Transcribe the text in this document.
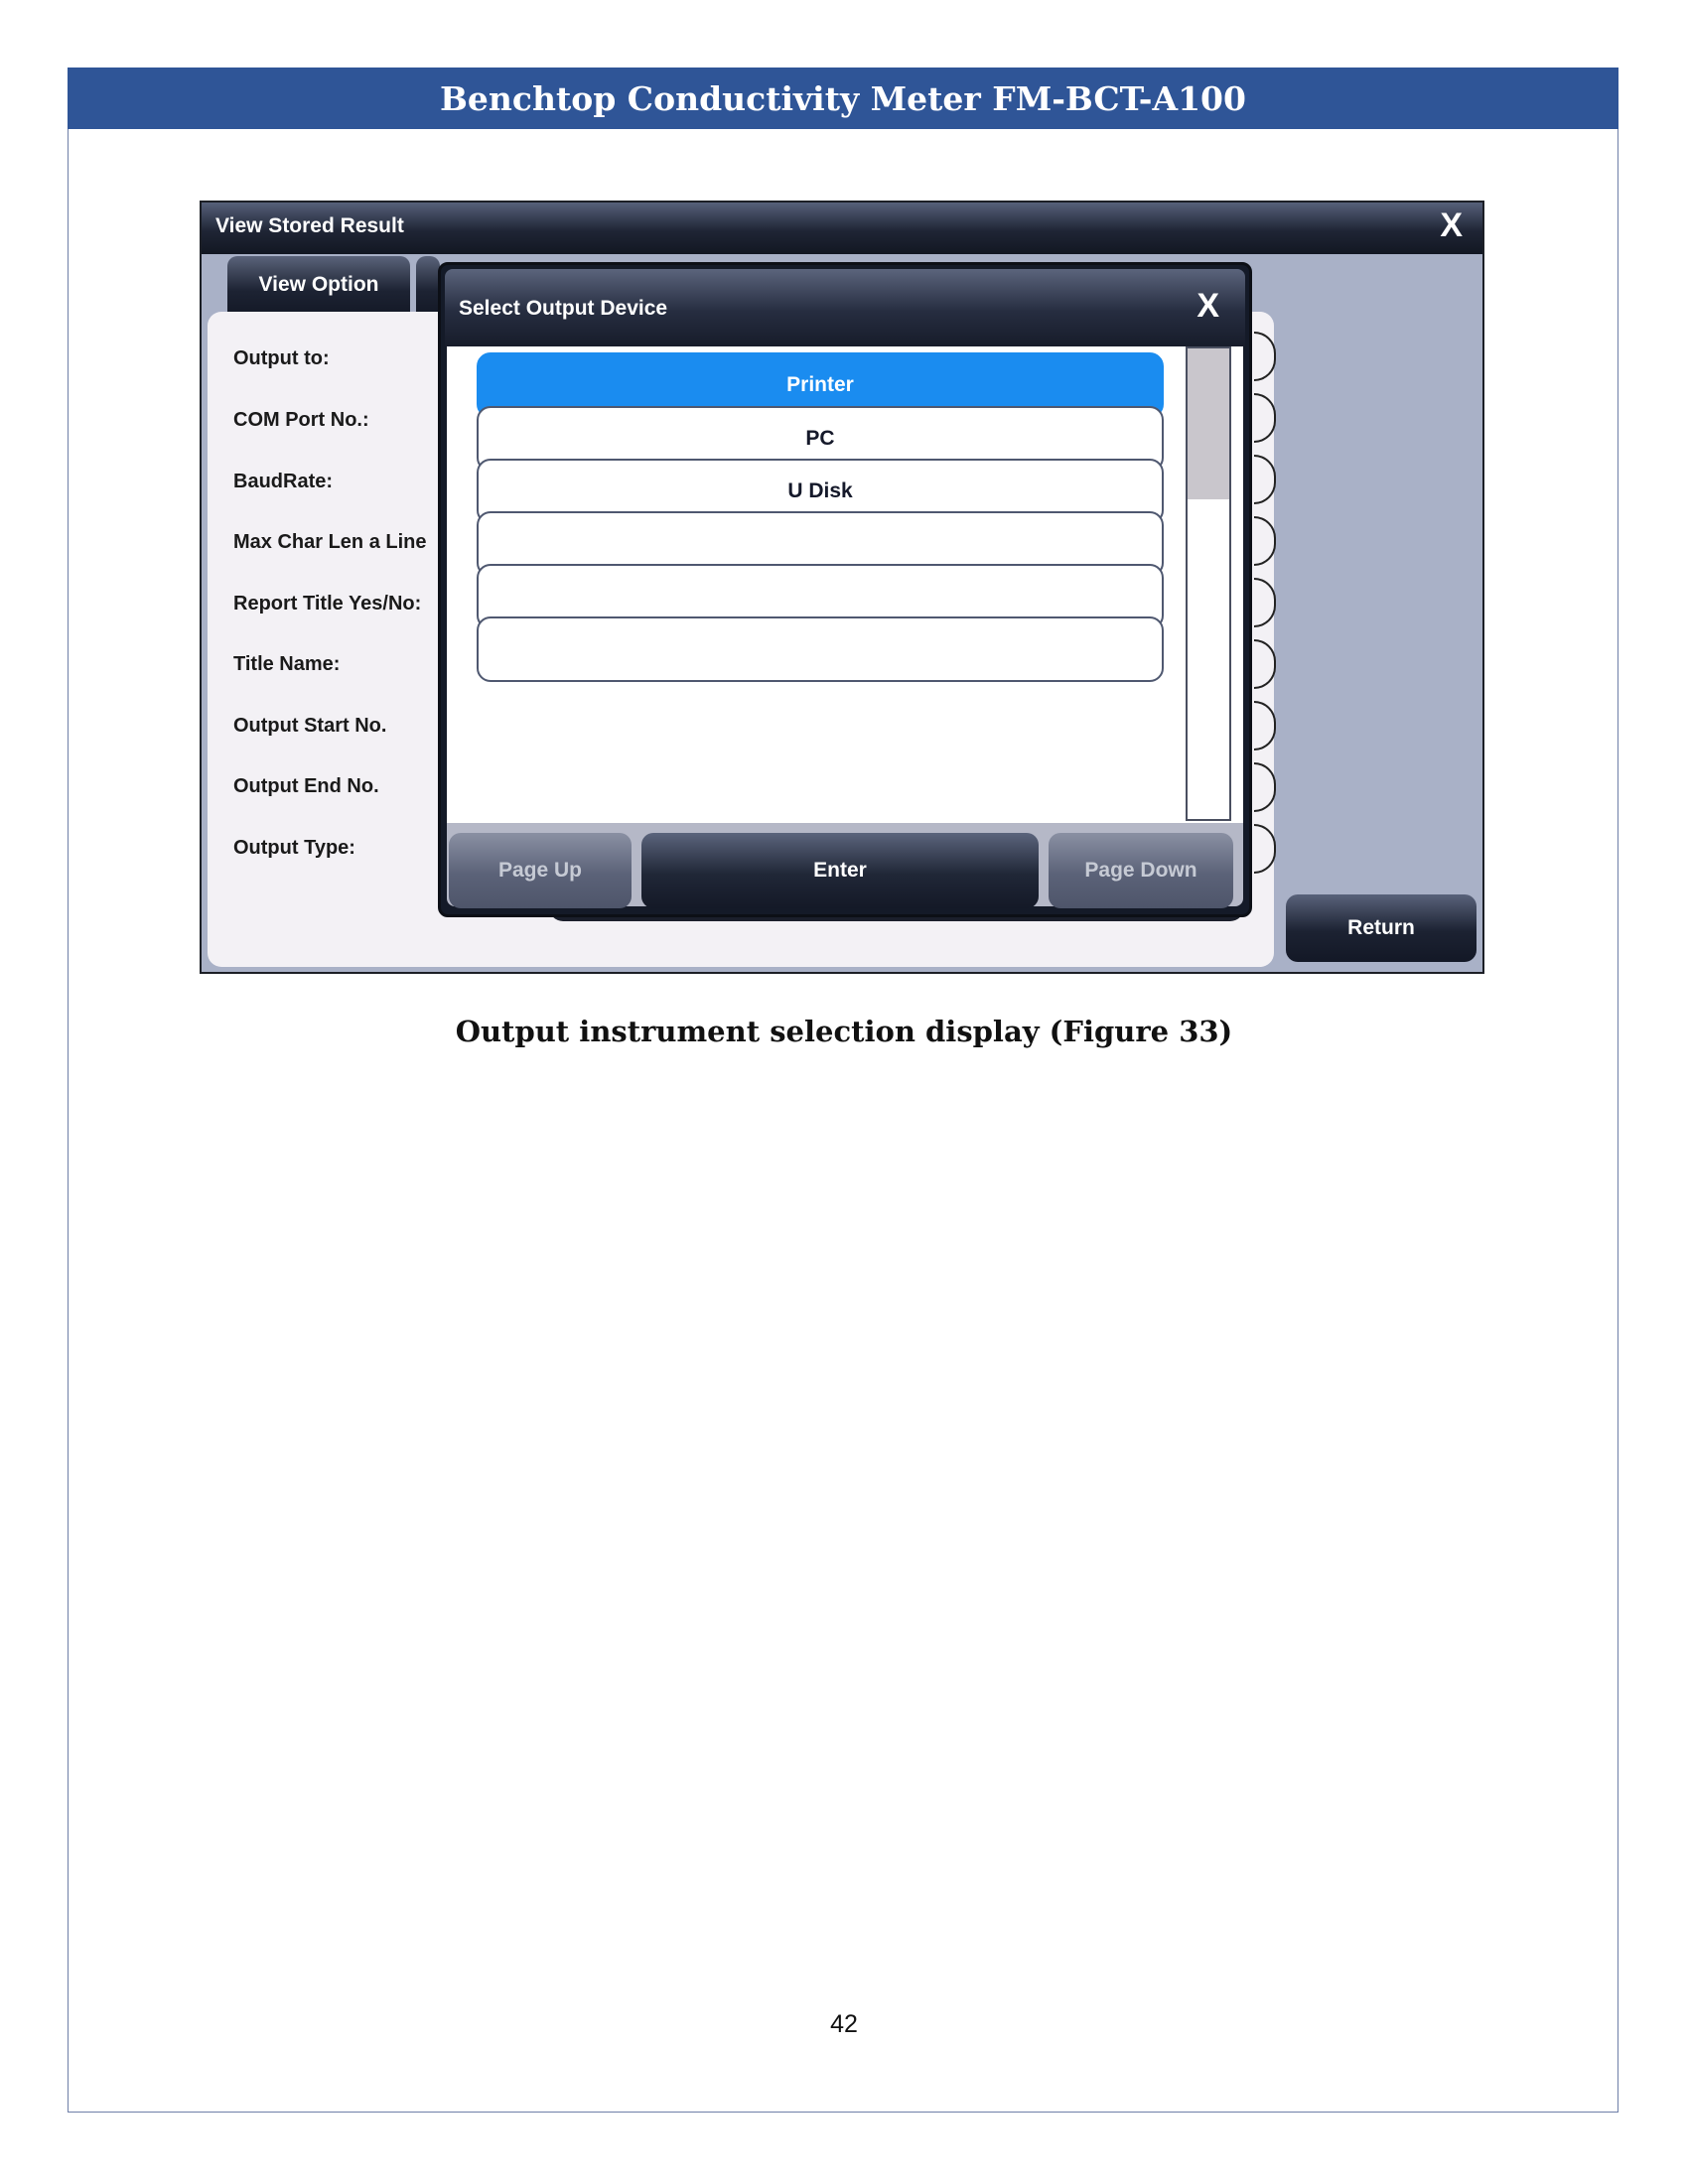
Benchtop Conductivity Meter FM-BCT-A100
View Stored Result	X
View Option
Output to:
COM Port No.:
BaudRate:
Max Char Len a Line
Report Title Yes/No:
Title Name:
Output Start No.
Output End No.
Output Type:
Return
Select Output Device	X
Printer
PC
U Disk
Page Up	Enter	Page Down
Output instrument selection display (Figure 33)
42
